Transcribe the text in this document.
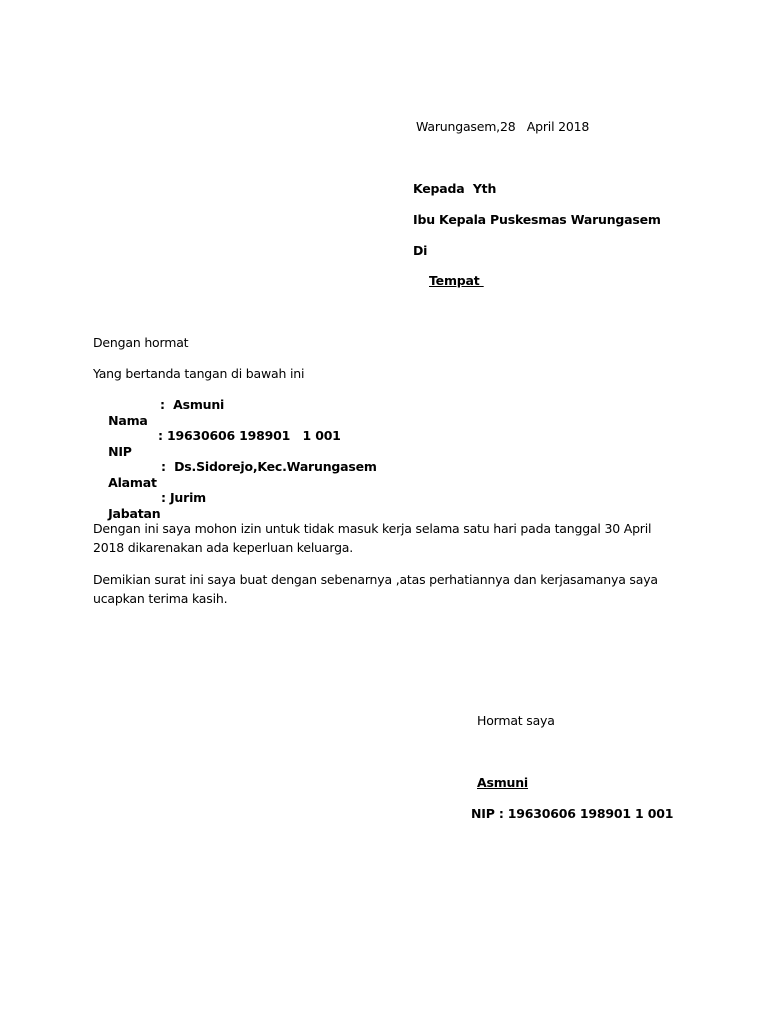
Warungasem,28   April 2018
Kepada  Yth
Ibu Kepala Puskesmas Warungasem
Di
Tempat
Dengan hormat
Yang bertanda tangan di bawah ini

Nama

: Asmuni

NIP

: 19630606 198901   1 001

Alamat

: Ds.Sidorejo,Kec.Warungasem

Jabatan

: Jurim
Dengan ini saya mohon izin untuk tidak masuk kerja selama satu hari pada tanggal 30 April 2018 dikarenakan ada keperluan keluarga.
Demikian surat ini saya buat dengan sebenarnya ,atas perhatiannya dan kerjasamanya saya ucapkan terima kasih.
Hormat saya
Asmuni
NIP : 19630606 198901 1 001
